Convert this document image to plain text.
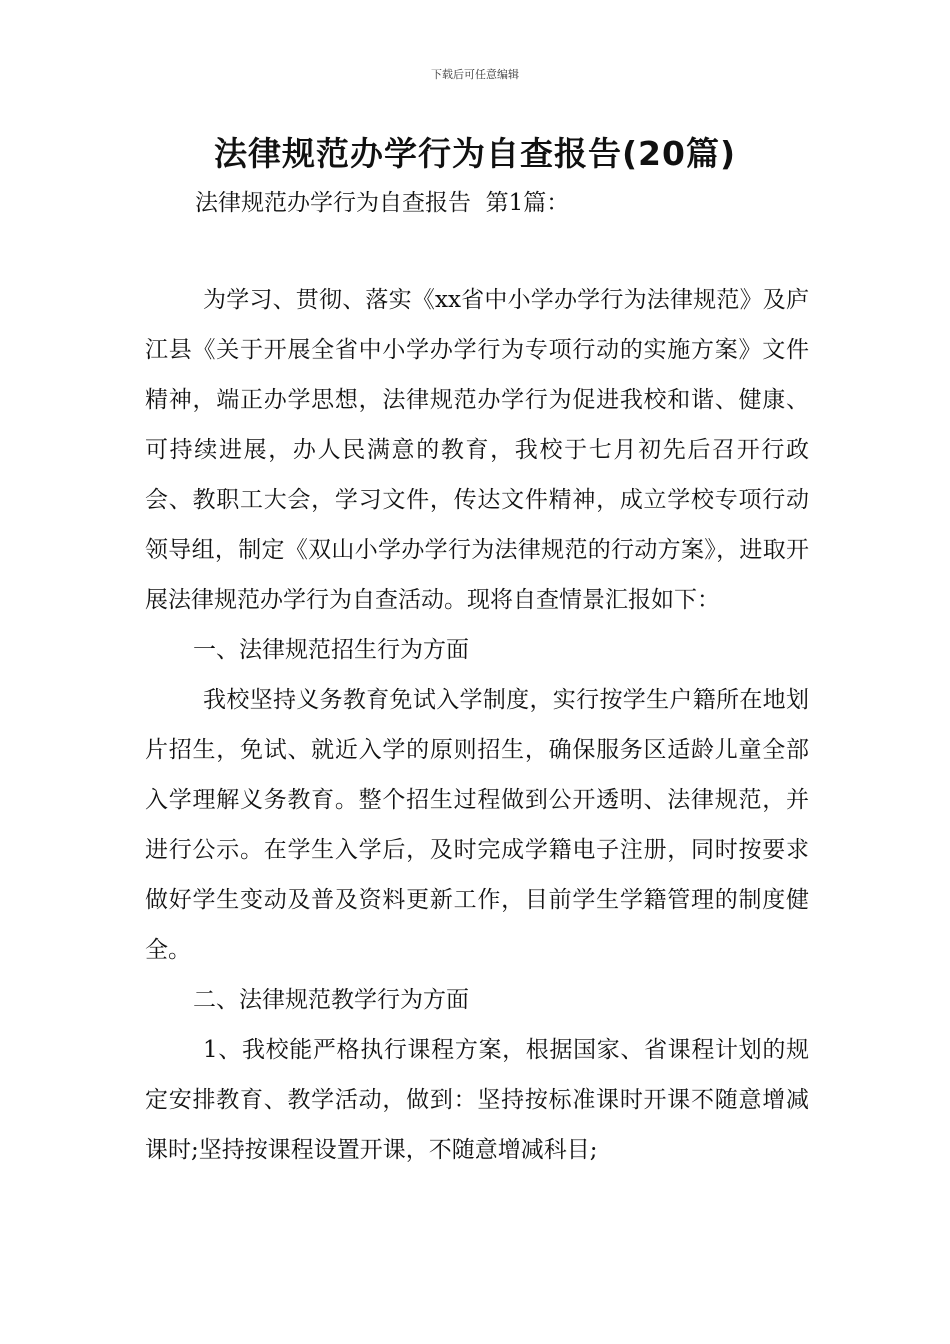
下载后可任意编辑
法律规范办学行为自查报告(20篇)
法律规范办学行为自查报告  第1篇：

为学习、贯彻、落实《xx省中小学办学行为法律规范》及庐江县《关于开展全省中小学办学行为专项行动的实施方案》文件精神，端正办学思想，法律规范办学行为促进我校和谐、健康、可持续进展，办人民满意的教育，我校于七月初先后召开行政会、教职工大会，学习文件，传达文件精神，成立学校专项行动领导组，制定《双山小学办学行为法律规范的行动方案》，进取开展法律规范办学行为自查活动。现将自查情景汇报如下：

一、法律规范招生行为方面

我校坚持义务教育免试入学制度，实行按学生户籍所在地划片招生，免试、就近入学的原则招生，确保服务区适龄儿童全部入学理解义务教育。整个招生过程做到公开透明、法律规范，并进行公示。在学生入学后，及时完成学籍电子注册，同时按要求做好学生变动及普及资料更新工作，目前学生学籍管理的制度健全。

二、法律规范教学行为方面

1、我校能严格执行课程方案，根据国家、省课程计划的规定安排教育、教学活动，做到：坚持按标准课时开课不随意增减课时;坚持按课程设置开课，不随意增减科目;
